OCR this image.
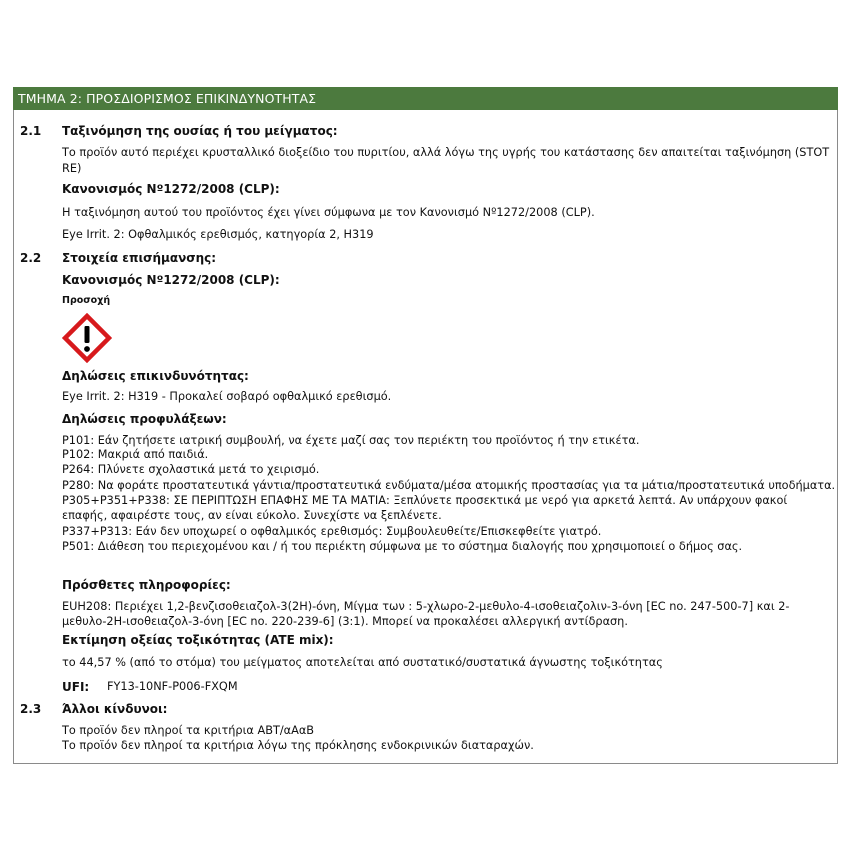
ΤΜΗΜΑ 2: ΠΡΟΣΔΙΟΡΙΣΜΟΣ ΕΠΙΚΙΝΔΥΝΟΤΗΤΑΣ
2.1 Ταξινόμηση της ουσίας ή του μείγματος:
Το προϊόν αυτό περιέχει κρυσταλλικό διοξείδιο του πυριτίου, αλλά λόγω της υγρής του κατάστασης δεν απαιτείται ταξινόμηση (STOT
RE)
Κανονισμός Nº1272/2008 (CLP):
Η ταξινόμηση αυτού του προϊόντος έχει γίνει σύμφωνα με τον Κανονισμό Nº1272/2008 (CLP).
Eye Irrit. 2: Οφθαλμικός ερεθισμός, κατηγορία 2, H319
2.2 Στοιχεία επισήμανσης:
Κανονισμός Nº1272/2008 (CLP):
Προσοχή
Δηλώσεις επικινδυνότητας:
Eye Irrit. 2: H319 - Προκαλεί σοβαρό οφθαλμικό ερεθισμό.
Δηλώσεις προφυλάξεων:
P101: Εάν ζητήσετε ιατρική συμβουλή, να έχετε μαζί σας τον περιέκτη του προϊόντος ή την ετικέτα.
P102: Μακριά από παιδιά.
P264: Πλύνετε σχολαστικά μετά το χειρισμό.
P280: Να φοράτε προστατευτικά γάντια/προστατευτικά ενδύματα/μέσα ατομικής προστασίας για τα μάτια/προστατευτικά υποδήματα.
P305+P351+P338: ΣΕ ΠΕΡΙΠΤΩΣΗ ΕΠΑΦΗΣ ΜΕ ΤΑ ΜΑΤΙΑ: Ξεπλύνετε προσεκτικά με νερό για αρκετά λεπτά. Αν υπάρχουν φακοί
επαφής, αφαιρέστε τους, αν είναι εύκολο. Συνεχίστε να ξεπλένετε.
P337+P313: Εάν δεν υποχωρεί ο οφθαλμικός ερεθισμός: Συμβουλευθείτε/Επισκεφθείτε γιατρό.
P501: Διάθεση του περιεχομένου και / ή του περιέκτη σύμφωνα με το σύστημα διαλογής που χρησιμοποιεί ο δήμος σας.
Πρόσθετες πληροφορίες:
EUH208: Περιέχει 1,2-βενζισοθειαζολ-3(2H)-όνη, Μίγμα των : 5-χλωρο-2-μεθυλο-4-ισοθειαζολιν-3-όνη [EC no. 247-500-7] και 2-
μεθυλο-2H-ισοθειαζολ-3-όνη [EC no. 220-239-6] (3:1). Μπορεί να προκαλέσει αλλεργική αντίδραση.
Εκτίμηση οξείας τοξικότητας (ATE mix):
το 44,57 % (από το στόμα) του μείγματος αποτελείται από συστατικό/συστατικά άγνωστης τοξικότητας
UFI: FY13-10NF-P006-FXQM
2.3 Άλλοι κίνδυνοι:
Το προϊόν δεν πληροί τα κριτήρια ΑΒΤ/αΑαΒ
Το προϊόν δεν πληροί τα κριτήρια λόγω της πρόκλησης ενδοκρινικών διαταραχών.
